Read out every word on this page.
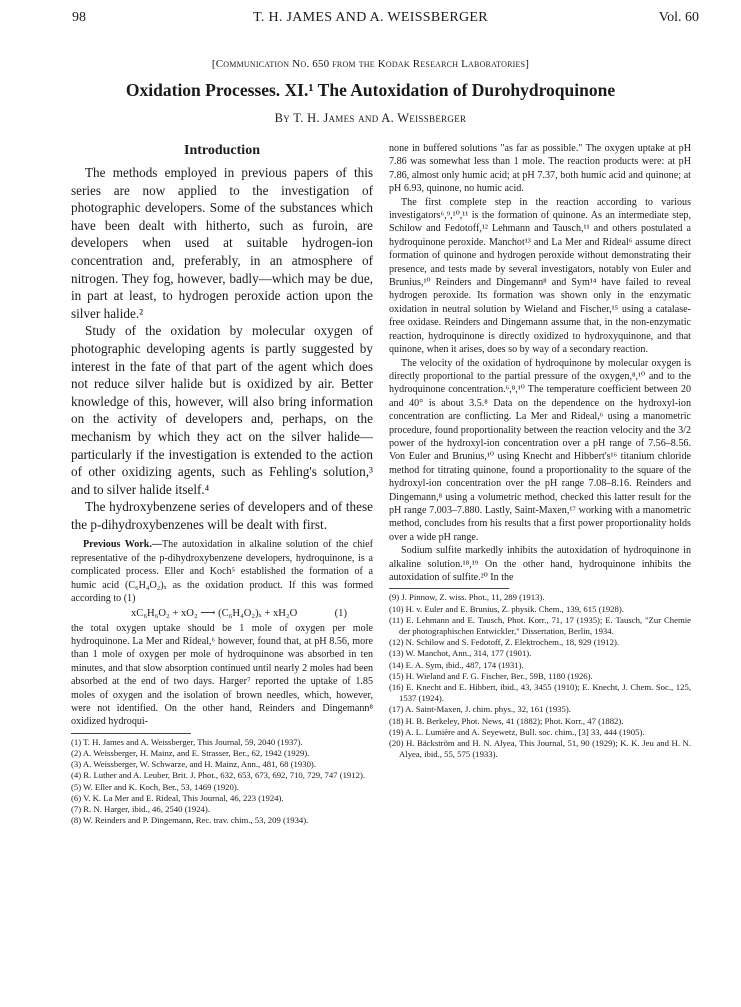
T. H. JAMES AND A. WEISSBERGER
98	Vol. 60
[Communication No. 650 from the Kodak Research Laboratories]
Oxidation Processes. XI.¹ The Autoxidation of Durohydroquinone
By T. H. James and A. Weissberger
Introduction

The methods employed in previous papers of this series are now applied to the investigation of photographic developers. Some of the substances which have been dealt with hitherto, such as furoin, are developers when used at suitable hydrogen-ion concentration and, preferably, in an atmosphere of nitrogen. They fog, however, badly—which may be due, in part at least, to hydrogen peroxide action upon the silver halide.²

Study of the oxidation by molecular oxygen of photographic developing agents is partly suggested by interest in the fate of that part of the agent which does not reduce silver halide but is oxidized by air. Better knowledge of this, however, will also bring information on the activity of developers and, perhaps, on the mechanism by which they act on the silver halide—particularly if the investigation is extended to the action of other oxidizing agents, such as Fehling's solution,³ and to silver halide itself.⁴

The hydroxybenzene series of developers and of these the p-dihydroxybenzenes will be dealt with first.

Previous Work.—The autoxidation in alkaline solution of the chief representative of the p-dihydroxybenzene developers, hydroquinone, is a complicated process. Eller and Koch⁵ established the formation of a humic acid (C₆H₄O₂)ₓ as the oxidation product. If this was formed according to (1)

xC₆H₆O₂ + xO₂ ⟶ (C₆H₄O₂)ₓ + xH₂O	(1)

the total oxygen uptake should be 1 mole of oxygen per mole hydroquinone. La Mer and Rideal,⁶ however, found that, at pH 8.56, more than 1 mole of oxygen per mole of hydroquinone was absorbed in ten minutes, and that slow absorption continued until nearly 2 moles had been absorbed at the end of two days. Harger⁷ reported the uptake of 1.85 moles of oxygen and the isolation of brown needles, which, however, were not identified. On the other hand, Reinders and Dingemann⁸ oxidized hydroqui-

(1) T. H. James and A. Weissberger, This Journal, 59, 2040 (1937).

(2) A. Weissberger, H. Mainz, and E. Strasser, Ber., 62, 1942 (1929).

(3) A. Weissberger, W. Schwarze, and H. Mainz, Ann., 481, 68 (1930).

(4) R. Luther and A. Leuber, Brit. J. Phot., 632, 653, 673, 692, 710, 729, 747 (1912).

(5) W. Eller and K. Koch, Ber., 53, 1469 (1920).

(6) V. K. La Mer and E. Rideal, This Journal, 46, 223 (1924).

(7) R. N. Harger, ibid., 46, 2540 (1924).

(8) W. Reinders and P. Dingemann, Rec. trav. chim., 53, 209 (1934).

none in buffered solutions "as far as possible." The oxygen uptake at pH 7.86 was somewhat less than 1 mole. The reaction products were: at pH 7.86, almost only humic acid; at pH 7.37, both humic acid and quinone; at pH 6.93, quinone, no humic acid.

The first complete step in the reaction according to various investigators⁶,⁹,¹⁰,¹¹ is the formation of quinone. As an intermediate step, Schilow and Fedotoff,¹² Lehmann and Tausch,¹¹ and others postulated a hydroquinone peroxide. Manchot¹³ and La Mer and Rideal⁶ assume direct formation of quinone and hydrogen peroxide without demonstrating their presence, and tests made by several investigators, notably von Euler and Brunius,¹⁰ Reinders and Dingemann⁸ and Sym¹⁴ have failed to reveal hydrogen peroxide. Its formation was shown only in the enzymatic oxidation in neutral solution by Wieland and Fischer,¹⁵ using a catalase-free oxidase. Reinders and Dingemann assume that, in the non-enzymatic reaction, hydroquinone is directly oxidized to hydroxyquinone, and that quinone, when it arises, does so by way of a secondary reaction.

The velocity of the oxidation of hydroquinone by molecular oxygen is directly proportional to the partial pressure of the oxygen,⁸,¹⁰ and to the hydroquinone concentration.⁶,⁸,¹⁰ The temperature coefficient between 20 and 40° is about 3.5.⁸ Data on the dependence on the hydroxyl-ion concentration are conflicting. La Mer and Rideal,⁶ using a manometric procedure, found proportionality between the reaction velocity and the 3/2 power of the hydroxyl-ion concentration over a pH range of 7.56–8.56. Von Euler and Brunius,¹⁰ using Knecht and Hibbert's¹⁶ titanium chloride method for titrating quinone, found a proportionality to the square of the hydroxyl-ion concentration over the pH range 7.08–8.16. Reinders and Dingemann,⁸ using a volumetric method, checked this latter result for the pH range 7.003–7.880. Lastly, Saint-Maxen,¹⁷ working with a manometric method, concludes from his results that a first power proportionality holds over a wide pH range.

Sodium sulfite markedly inhibits the autoxidation of hydroquinone in alkaline solution.¹⁸,¹⁹ On the other hand, hydroquinone inhibits the autoxidation of sulfite.²⁰ In the

(9) J. Pinnow, Z. wiss. Phot., 11, 289 (1913).

(10) H. v. Euler and E. Brunius, Z. physik. Chem., 139, 615 (1928).

(11) E. Lehmann and E. Tausch, Phot. Korr., 71, 17 (1935); E. Tausch, "Zur Chemie der photographischen Entwickler," Dissertation, Berlin, 1934.

(12) N. Schilow and S. Fedotoff, Z. Elektrochem., 18, 929 (1912).

(13) W. Manchot, Ann., 314, 177 (1901).

(14) E. A. Sym, ibid., 487, 174 (1931).

(15) H. Wieland and F. G. Fischer, Ber., 59B, 1180 (1926).

(16) E. Knecht and E. Hibbert, ibid., 43, 3455 (1910); E. Knecht, J. Chem. Soc., 125, 1537 (1924).

(17) A. Saint-Maxen, J. chim. phys., 32, 161 (1935).

(18) H. B. Berkeley, Phot. News, 41 (1882); Phot. Korr., 47 (1882).

(19) A. L. Lumière and A. Seyewetz, Bull. soc. chim., [3] 33, 444 (1905).

(20) H. Bäckström and H. N. Alyea, This Journal, 51, 90 (1929); K. K. Jeu and H. N. Alyea, ibid., 55, 575 (1933).
